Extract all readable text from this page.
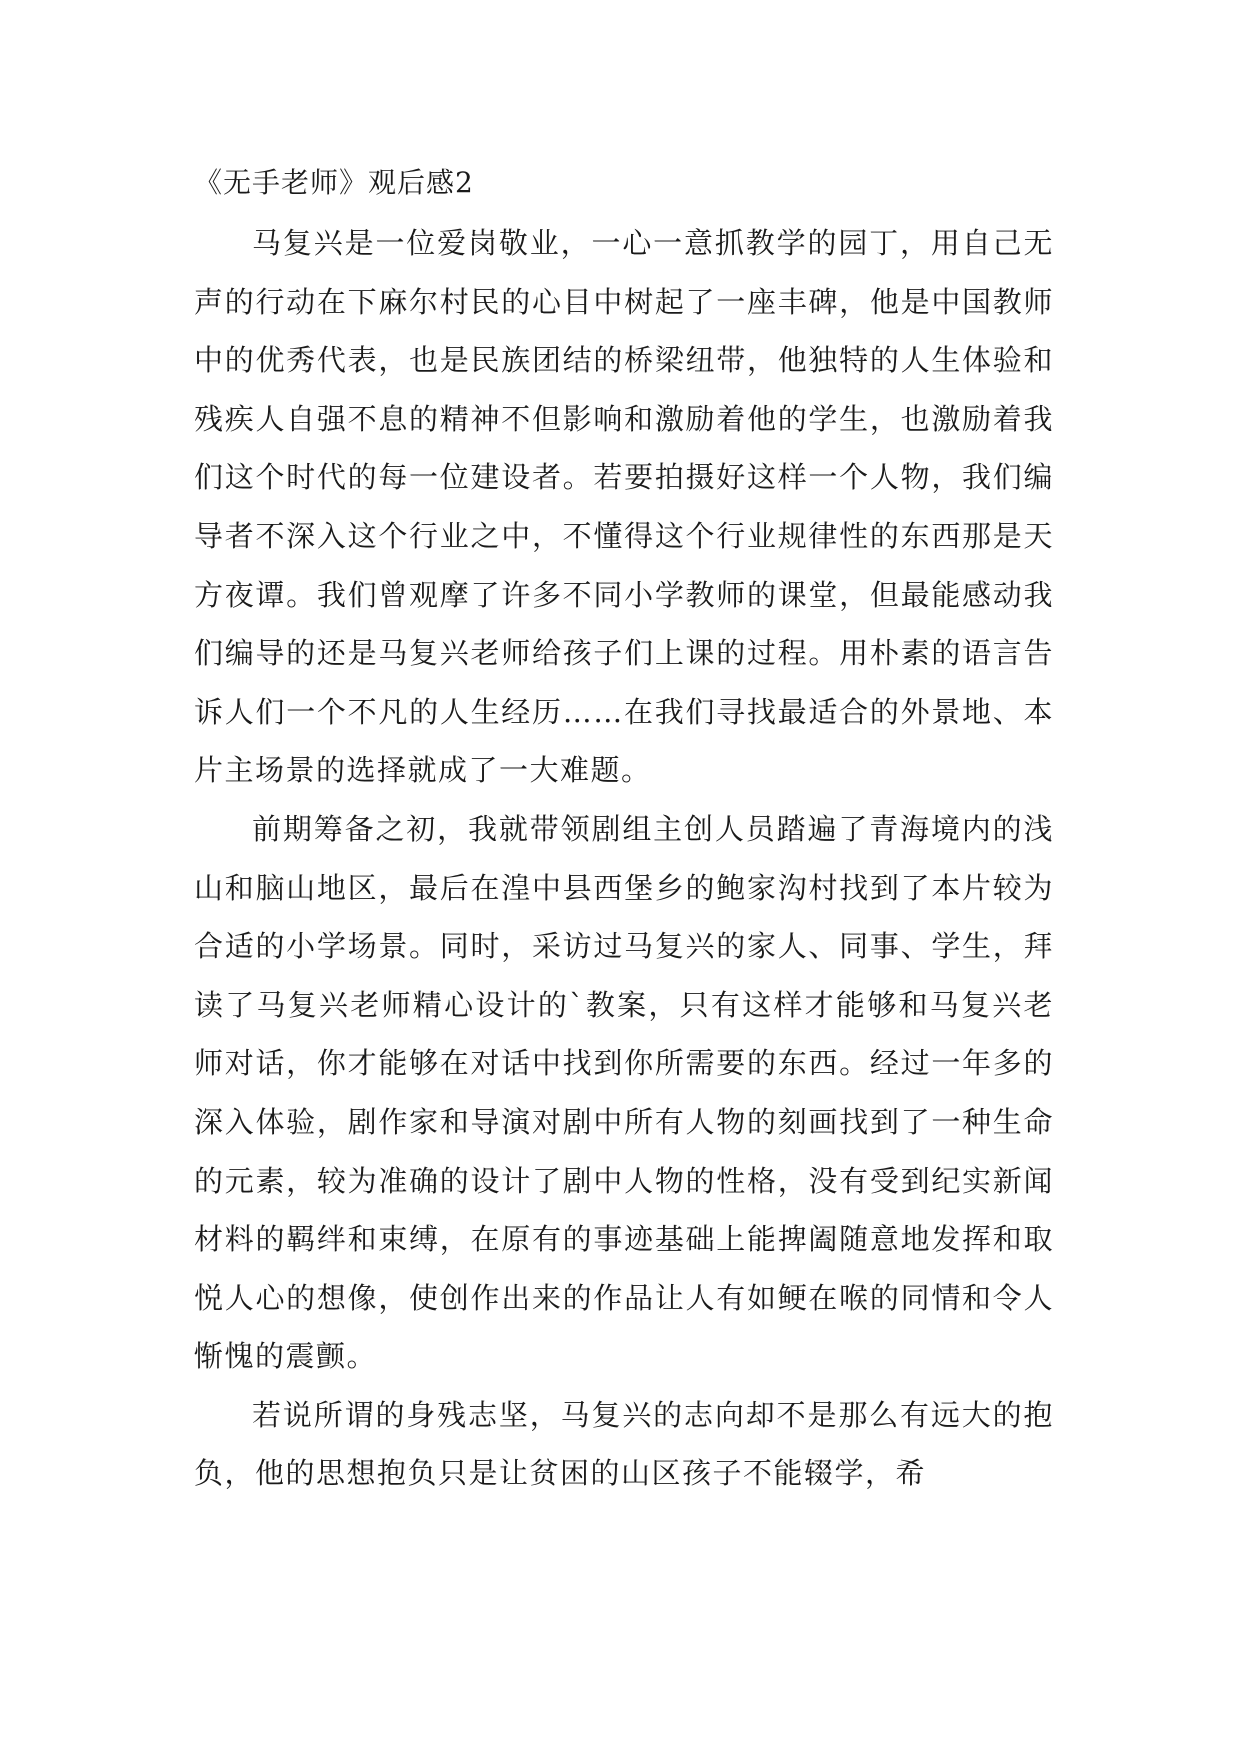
《无手老师》观后感2

马复兴是一位爱岗敬业，一心一意抓教学的园丁，用自己无声的行动在下麻尔村民的心目中树起了一座丰碑，他是中国教师中的优秀代表，也是民族团结的桥梁纽带，他独特的人生体验和残疾人自强不息的精神不但影响和激励着他的学生，也激励着我们这个时代的每一位建设者。若要拍摄好这样一个人物，我们编导者不深入这个行业之中，不懂得这个行业规律性的东西那是天方夜谭。我们曾观摩了许多不同小学教师的课堂，但最能感动我们编导的还是马复兴老师给孩子们上课的过程。用朴素的语言告诉人们一个不凡的人生经历……在我们寻找最适合的外景地、本片主场景的选择就成了一大难题。

前期筹备之初，我就带领剧组主创人员踏遍了青海境内的浅山和脑山地区，最后在湟中县西堡乡的鲍家沟村找到了本片较为合适的小学场景。同时，采访过马复兴的家人、同事、学生，拜读了马复兴老师精心设计的`教案，只有这样才能够和马复兴老师对话，你才能够在对话中找到你所需要的东西。经过一年多的深入体验，剧作家和导演对剧中所有人物的刻画找到了一种生命的元素，较为准确的设计了剧中人物的性格，没有受到纪实新闻材料的羁绊和束缚，在原有的事迹基础上能捭阖随意地发挥和取悦人心的想像，使创作出来的作品让人有如鲠在喉的同情和令人惭愧的震颤。

若说所谓的身残志坚，马复兴的志向却不是那么有远大的抱负，他的思想抱负只是让贫困的山区孩子不能辍学，希
